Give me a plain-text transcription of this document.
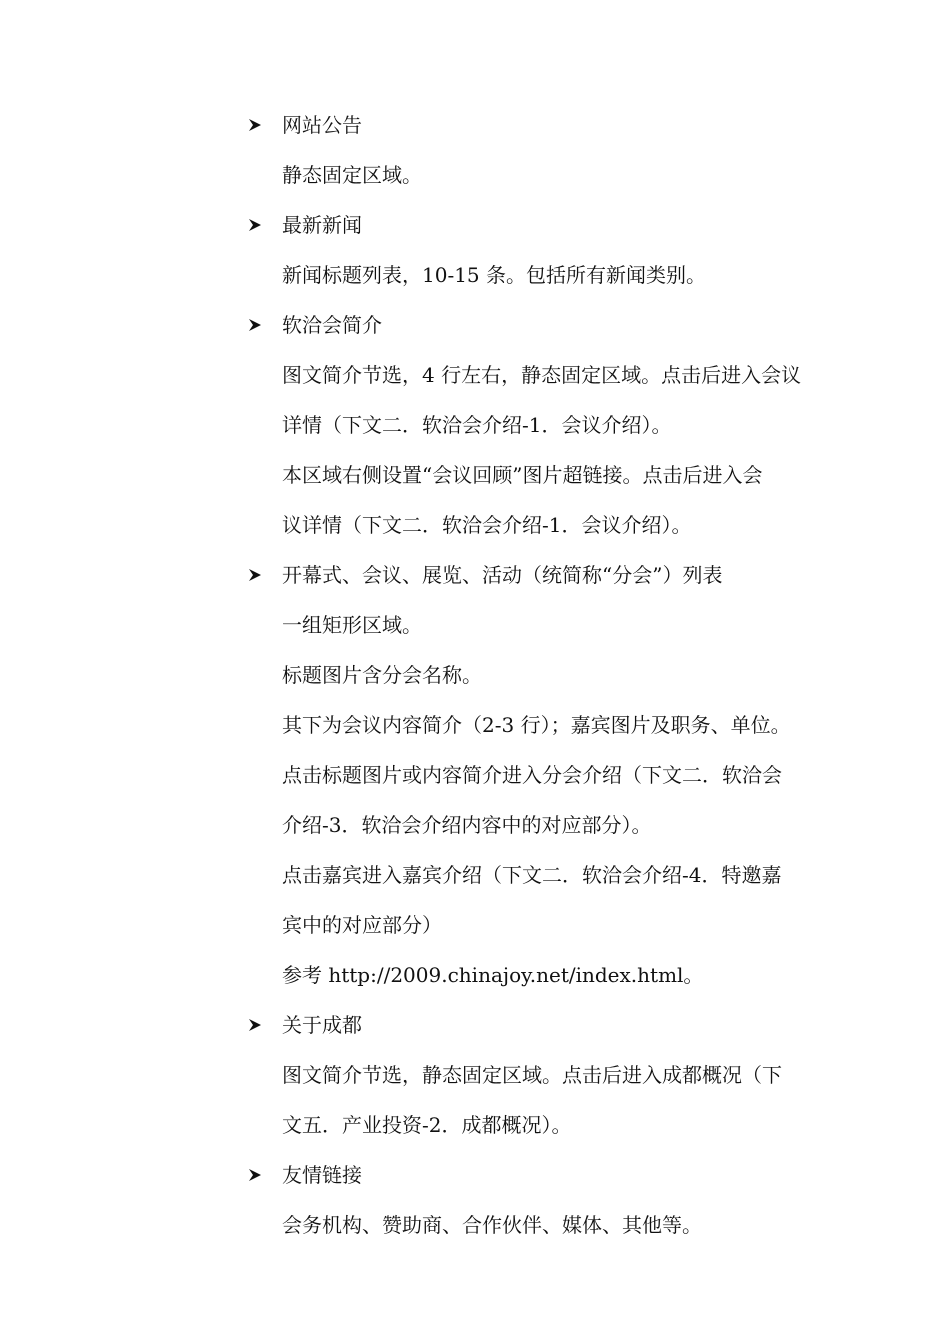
网站公告
静态固定区域。
最新新闻
新闻标题列表，10-15 条。包括所有新闻类别。
软洽会简介
图文简介节选，4 行左右，静态固定区域。点击后进入会议
详情（下文二．软洽会介绍-1．会议介绍）。
本区域右侧设置“会议回顾”图片超链接。点击后进入会
议详情（下文二．软洽会介绍-1．会议介绍）。
开幕式、会议、展览、活动（统简称“分会”）列表
一组矩形区域。
标题图片含分会名称。
其下为会议内容简介（2-3 行）；嘉宾图片及职务、单位。
点击标题图片或内容简介进入分会介绍（下文二．软洽会
介绍-3．软洽会介绍内容中的对应部分）。
点击嘉宾进入嘉宾介绍（下文二．软洽会介绍-4．特邀嘉
宾中的对应部分）
参考 http://2009.chinajoy.net/index.html。
关于成都
图文简介节选，静态固定区域。点击后进入成都概况（下
文五．产业投资-2．成都概况）。
友情链接
会务机构、赞助商、合作伙伴、媒体、其他等。
